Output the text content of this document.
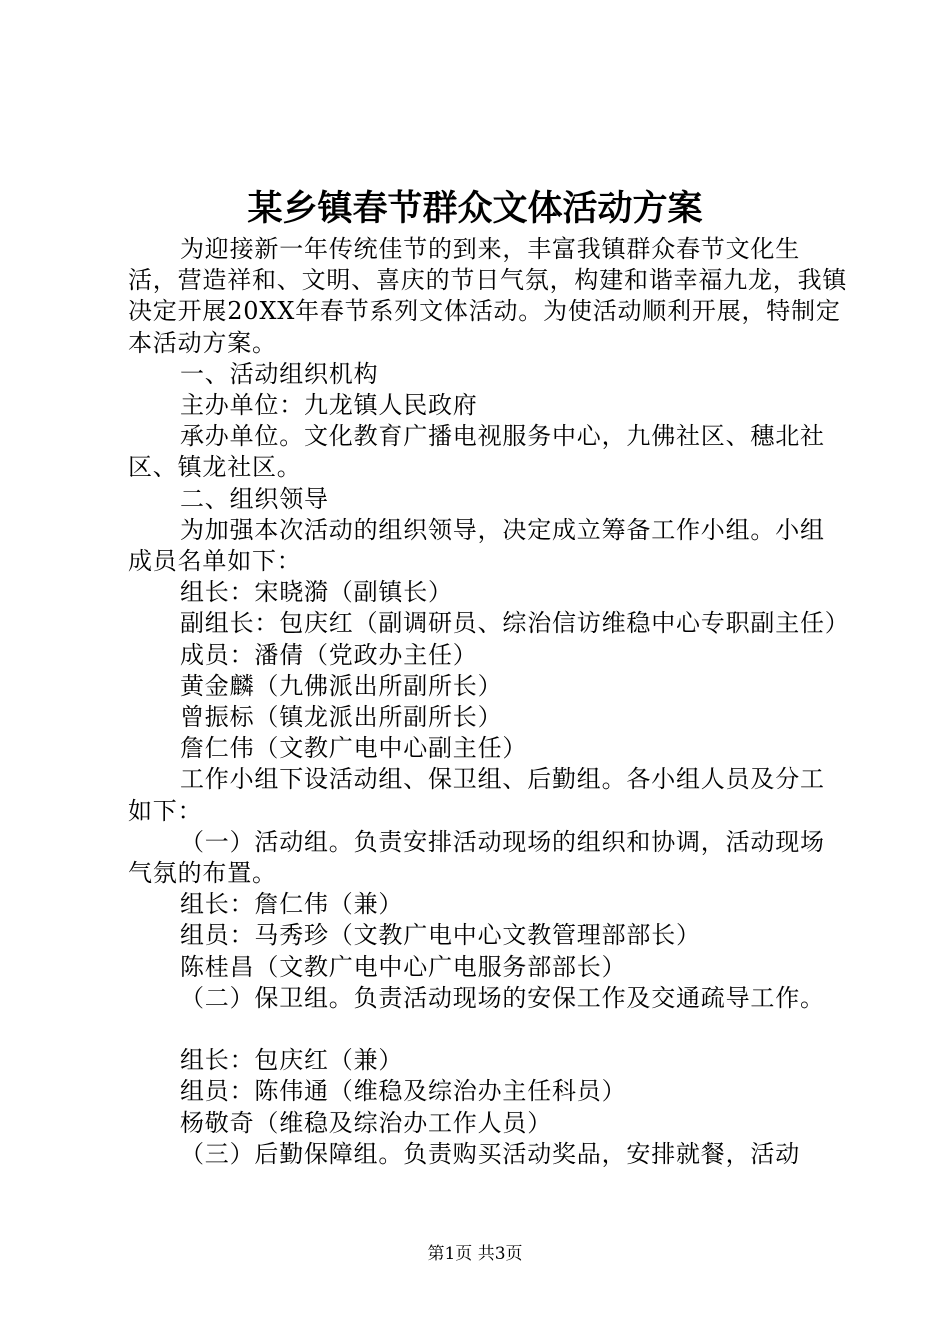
某乡镇春节群众文体活动方案

为迎接新一年传统佳节的到来，丰富我镇群众春节文化生活，营造祥和、文明、喜庆的节日气氛，构建和谐幸福九龙，我镇决定开展20XX年春节系列文体活动。为使活动顺利开展，特制定本活动方案。

一、活动组织机构

主办单位：九龙镇人民政府

承办单位。文化教育广播电视服务中心，九佛社区、穗北社区、镇龙社区。

二、组织领导

为加强本次活动的组织领导，决定成立筹备工作小组。小组成员名单如下：

组长：宋晓漪（副镇长）

副组长：包庆红（副调研员、综治信访维稳中心专职副主任）

成员：潘倩（党政办主任）

黄金麟（九佛派出所副所长）

曾振标（镇龙派出所副所长）

詹仁伟（文教广电中心副主任）

工作小组下设活动组、保卫组、后勤组。各小组人员及分工如下：

（一）活动组。负责安排活动现场的组织和协调，活动现场气氛的布置。

组长：詹仁伟（兼）

组员：马秀珍（文教广电中心文教管理部部长）

陈桂昌（文教广电中心广电服务部部长）

（二）保卫组。负责活动现场的安保工作及交通疏导工作。

组长：包庆红（兼）

组员：陈伟通（维稳及综治办主任科员）

杨敬奇（维稳及综治办工作人员）

（三）后勤保障组。负责购买活动奖品，安排就餐，活动

第1页 共3页
